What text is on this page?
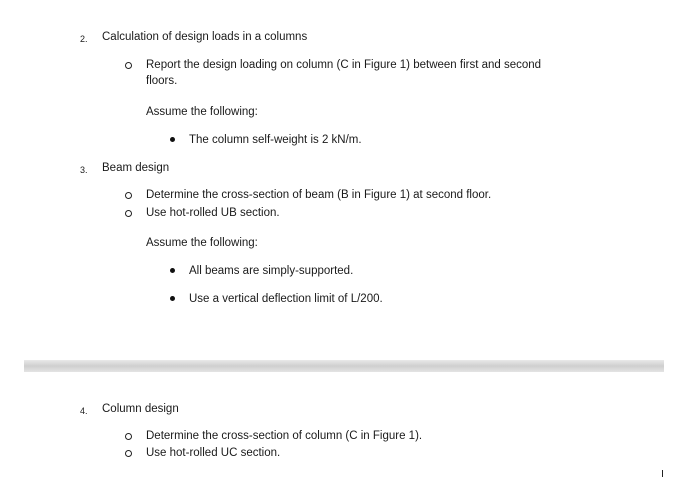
2. Calculation of design loads in a columns
Report the design loading on column (C in Figure 1) between first and second
floors.
Assume the following:
The column self-weight is 2 kN/m.
3. Beam design
Determine the cross-section of beam (B in Figure 1) at second floor.
Use hot-rolled UB section.
Assume the following:
All beams are simply-supported.
Use a vertical deflection limit of L/200.
4. Column design
Determine the cross-section of column (C in Figure 1).
Use hot-rolled UC section.
